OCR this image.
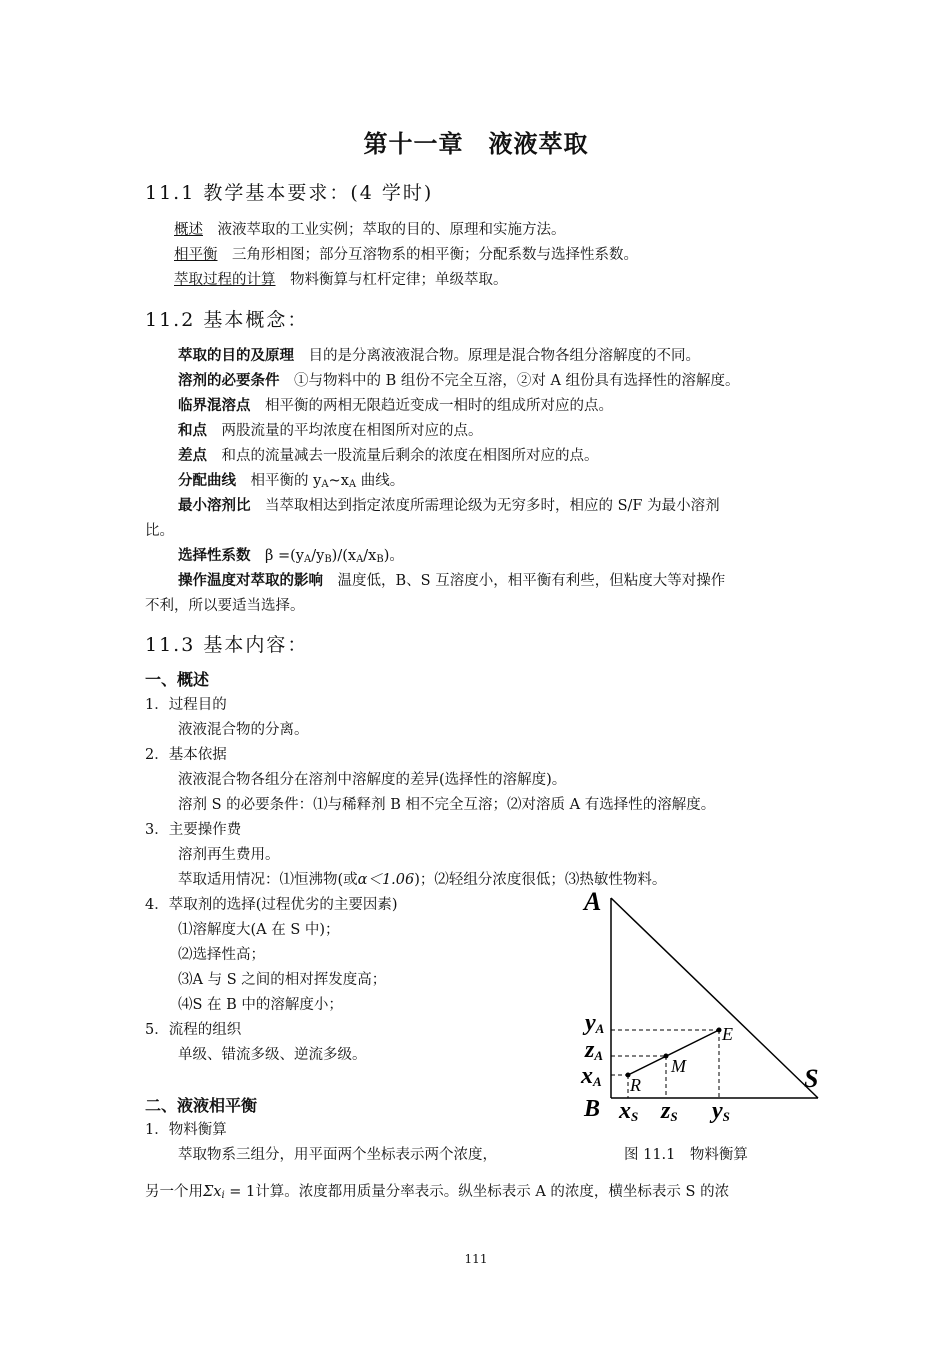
第十一章　液液萃取
11.1 教学基本要求：(4 学时)
概述　 液液萃取的工业实例；萃取的目的、原理和实施方法。
相平衡　 三角形相图；部分互溶物系的相平衡；分配系数与选择性系数。
萃取过程的计算　 物料衡算与杠杆定律；单级萃取。
11.2 基本概念：
萃取的目的及原理　 目的是分离液液混合物。原理是混合物各组分溶解度的不同。
溶剂的必要条件　 ①与物料中的 B 组份不完全互溶，②对 A 组份具有选择性的溶解度。
临界混溶点　 相平衡的两相无限趋近变成一相时的组成所对应的点。
和点　 两股流量的平均浓度在相图所对应的点。
差点　 和点的流量减去一股流量后剩余的浓度在相图所对应的点。
分配曲线　 相平衡的 $y_A\sim x_A$ 曲线。
最小溶剂比　 当萃取相达到指定浓度所需理论级为无穷多时，相应的 S/F 为最小溶剂
比。
选择性系数　 $\beta =(y_A/y_B)/(x_A/x_B)$。
操作温度对萃取的影响　 温度低，B、S 互溶度小，相平衡有利些，但粘度大等对操作
不利，所以要适当选择。
11.3 基本内容：
一、概述
1．过程目的
液液混合物的分离。
2．基本依据
液液混合物各组分在溶剂中溶解度的差异(选择性的溶解度)。
溶剂 S 的必要条件：⑴与稀释剂 B 相不完全互溶；⑵对溶质 A 有选择性的溶解度。
3．主要操作费
溶剂再生费用。
萃取适用情况：⑴恒沸物(或α＜1.06)；⑵轻组分浓度很低；⑶热敏性物料。
4．萃取剂的选择(过程优劣的主要因素)
⑴溶解度大(A 在 S 中)；
⑵选择性高；
⑶A 与 S 之间的相对挥发度高；
⑷S 在 B 中的溶解度小；
5．流程的组织
单级、错流多级、逆流多级。
二、液液相平衡
1．物料衡算
萃取物系三组分，用平面两个坐标表示两个浓度，
另一个用$\Sigma x_i = 1$计算。浓度都用质量分率表示。纵坐标表示 A 的浓度，横坐标表示 S 的浓
A
B
S
E
M
R
yA
zA
xA
xS zS yS
图 11.1　物料衡算
111
